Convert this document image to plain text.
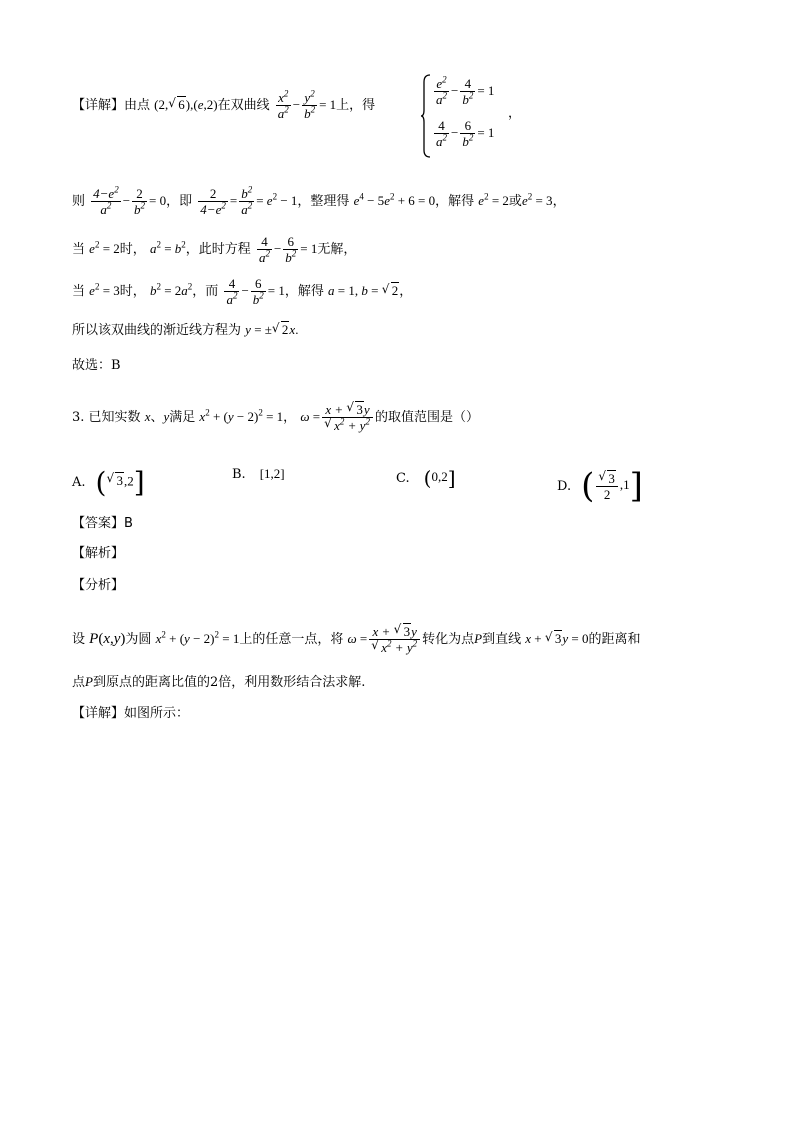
【详解】由点 (2, √ 6),(e,2)在双曲线 $\frac{x^2}{a^2} - \frac{y^2}{b^2} = 1$上，得	$\frac{e^2}{a^2} - \frac{4}{b^2} = 1$
$\frac{4}{a^2} - \frac{6}{b^2} = 1$
，
则 $\frac{4-e^2}{a^2} - \frac{2}{b^2} = 0$，即 $\frac{2}{4-e^2} = \frac{b^2}{a^2} = e^2 - 1$，整理得 $e^4 - 5e^2 + 6 = 0$，解得 $e^2 = 2$或$e^2 = 3$，
当 $e^2 = 2$时， $a^2 = b^2$，此时方程 $\frac{4}{a^2} - \frac{6}{b^2} = 1$无解，
当 $e^2 = 3$时， $b^2 = 2a^2$，而 $\frac{4}{a^2} - \frac{6}{b^2} = 1$，解得 a = 1, b = √ 2，
所以该双曲线的渐近线方程为 y = ± √ 2x.
故选：B
3. 已知实数 x、y满足 $x^2 + (y - 2)^2 = 1$， ω = x + √ 3y
√ $x^2 + y^2$ 的取值范围是（）
A. ( √ 3,2]	B. [1,2]	C. (0,2]	D. ( √ $\frac{3}{2} ,1$]
【答案】B
【解析】
【分析】
设 P(x,y)为圆 $x^2 + (y - 2)^2 = 1$上的任意一点，将 ω = x + √ 3y
√ $x^2 + y^2$ 转化为点P到直线 x + √ 3y = 0的距离和
点P到原点的距离比值的2倍，利用数形结合法求解.
【详解】如图所示：
